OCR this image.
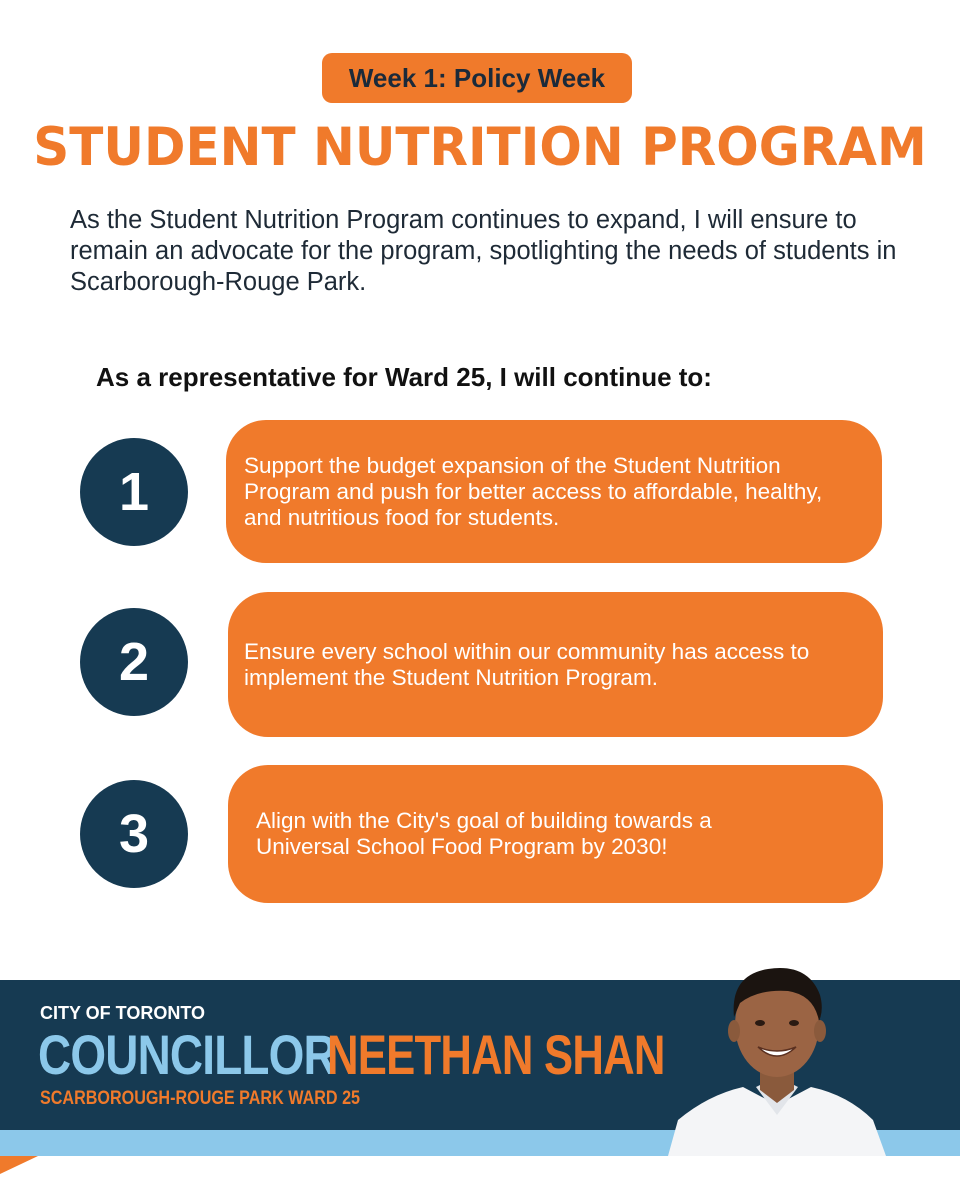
Week 1: Policy Week
STUDENT NUTRITION PROGRAM
As the Student Nutrition Program continues to expand, I will ensure to remain an advocate for the program, spotlighting the needs of students in Scarborough-Rouge Park.
As a representative for Ward 25, I will continue to:
1	Support the budget expansion of the Student Nutrition Program and push for better access to affordable, healthy, and nutritious food for students.
2	Ensure every school within our community has access to implement the Student Nutrition Program.
3	Align with the City's goal of building towards a Universal School Food Program by 2030!
CITY OF TORONTO
COUNCILLOR
NEETHAN SHAN
SCARBOROUGH-ROUGE PARK WARD 25
